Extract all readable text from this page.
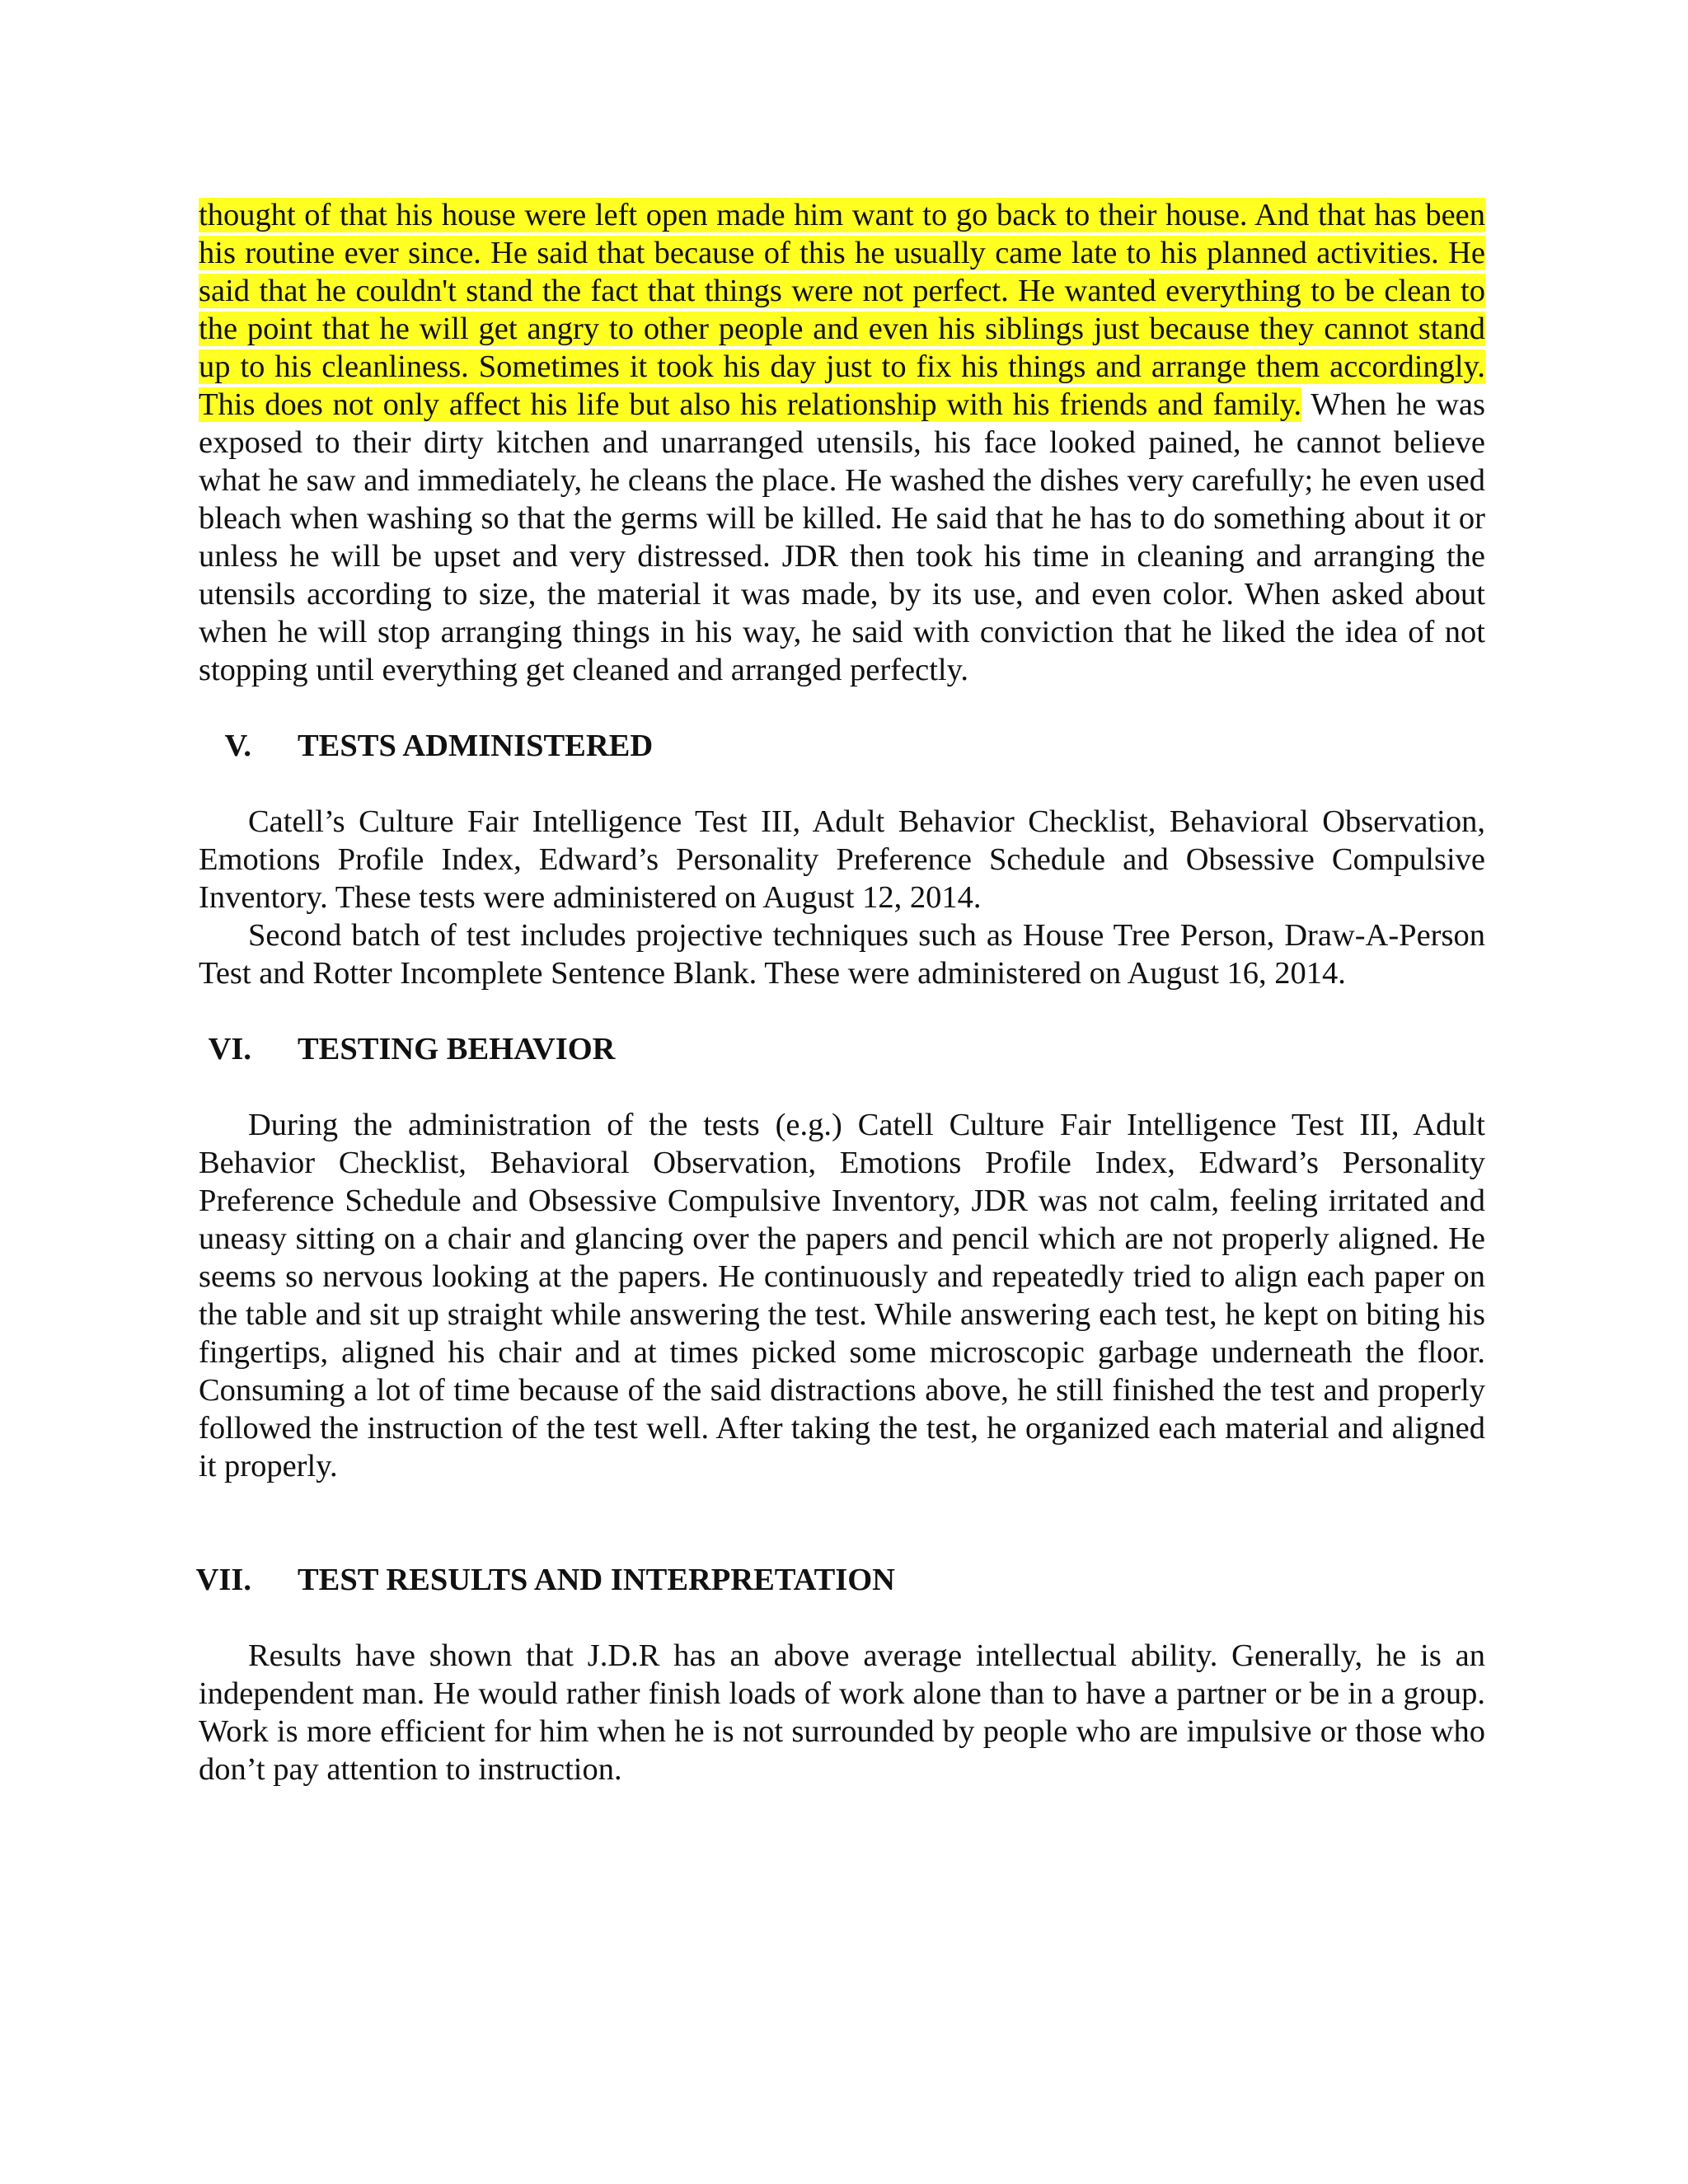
thought of that his house were left open made him want to go back to their house. And that has been his routine ever since. He said that because of this he usually came late to his planned activities. He said that he couldn't stand the fact that things were not perfect. He wanted everything to be clean to the point that he will get angry to other people and even his siblings just because they cannot stand up to his cleanliness. Sometimes it took his day just to fix his things and arrange them accordingly. This does not only affect his life but also his relationship with his friends and family. When he was exposed to their dirty kitchen and unarranged utensils, his face looked pained, he cannot believe what he saw and immediately, he cleans the place. He washed the dishes very carefully; he even used bleach when washing so that the germs will be killed. He said that he has to do something about it or unless he will be upset and very distressed. JDR then took his time in cleaning and arranging the utensils according to size, the material it was made, by its use, and even color. When asked about when he will stop arranging things in his way, he said with conviction that he liked the idea of not stopping until everything get cleaned and arranged perfectly.

V. TESTS ADMINISTERED

Catell’s Culture Fair Intelligence Test III, Adult Behavior Checklist, Behavioral Observation, Emotions Profile Index, Edward’s Personality Preference Schedule and Obsessive Compulsive Inventory. These tests were administered on August 12, 2014.

Second batch of test includes projective techniques such as House Tree Person, Draw-A-Person Test and Rotter Incomplete Sentence Blank. These were administered on August 16, 2014.

VI. TESTING BEHAVIOR

During the administration of the tests (e.g.) Catell Culture Fair Intelligence Test III, Adult Behavior Checklist, Behavioral Observation, Emotions Profile Index, Edward’s Personality Preference Schedule and Obsessive Compulsive Inventory, JDR was not calm, feeling irritated and uneasy sitting on a chair and glancing over the papers and pencil which are not properly aligned. He seems so nervous looking at the papers. He continuously and repeatedly tried to align each paper on the table and sit up straight while answering the test. While answering each test, he kept on biting his fingertips, aligned his chair and at times picked some microscopic garbage underneath the floor. Consuming a lot of time because of the said distractions above, he still finished the test and properly followed the instruction of the test well. After taking the test, he organized each material and aligned it properly.

VII. TEST RESULTS AND INTERPRETATION

Results have shown that J.D.R has an above average intellectual ability. Generally, he is an independent man. He would rather finish loads of work alone than to have a partner or be in a group. Work is more efficient for him when he is not surrounded by people who are impulsive or those who don’t pay attention to instruction.
